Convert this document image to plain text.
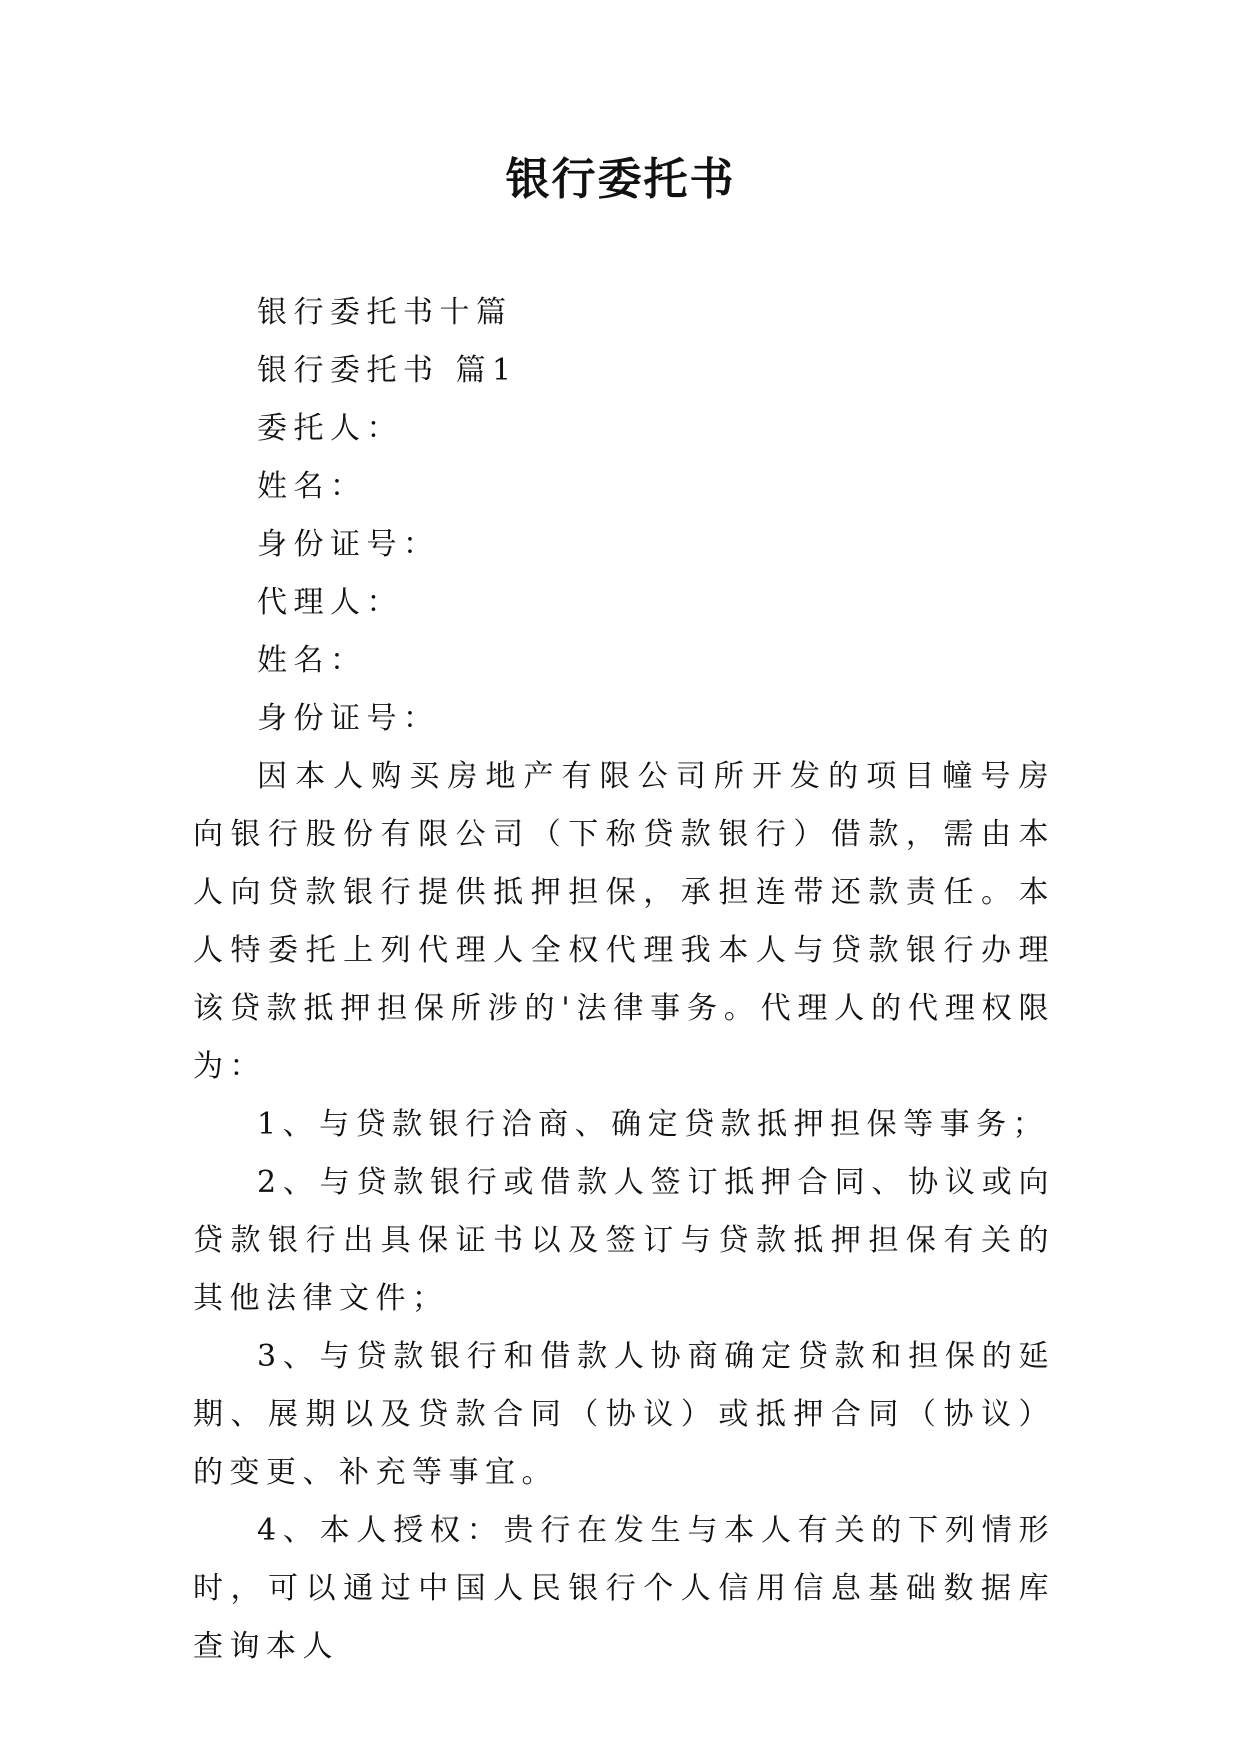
银行委托书

银行委托书十篇

银行委托书 篇1

委托人：

姓名：

身份证号：

代理人：

姓名：

身份证号：

因本人购买房地产有限公司所开发的项目幢号房向银行股份有限公司（下称贷款银行）借款，需由本人向贷款银行提供抵押担保，承担连带还款责任。本人特委托上列代理人全权代理我本人与贷款银行办理该贷款抵押担保所涉的'法律事务。代理人的代理权限为：

1、与贷款银行洽商、确定贷款抵押担保等事务；

2、与贷款银行或借款人签订抵押合同、协议或向贷款银行出具保证书以及签订与贷款抵押担保有关的其他法律文件；

3、与贷款银行和借款人协商确定贷款和担保的延期、展期以及贷款合同（协议）或抵押合同（协议）的变更、补充等事宜。

4、本人授权：贵行在发生与本人有关的下列情形时，可以通过中国人民银行个人信用信息基础数据库查询本人
